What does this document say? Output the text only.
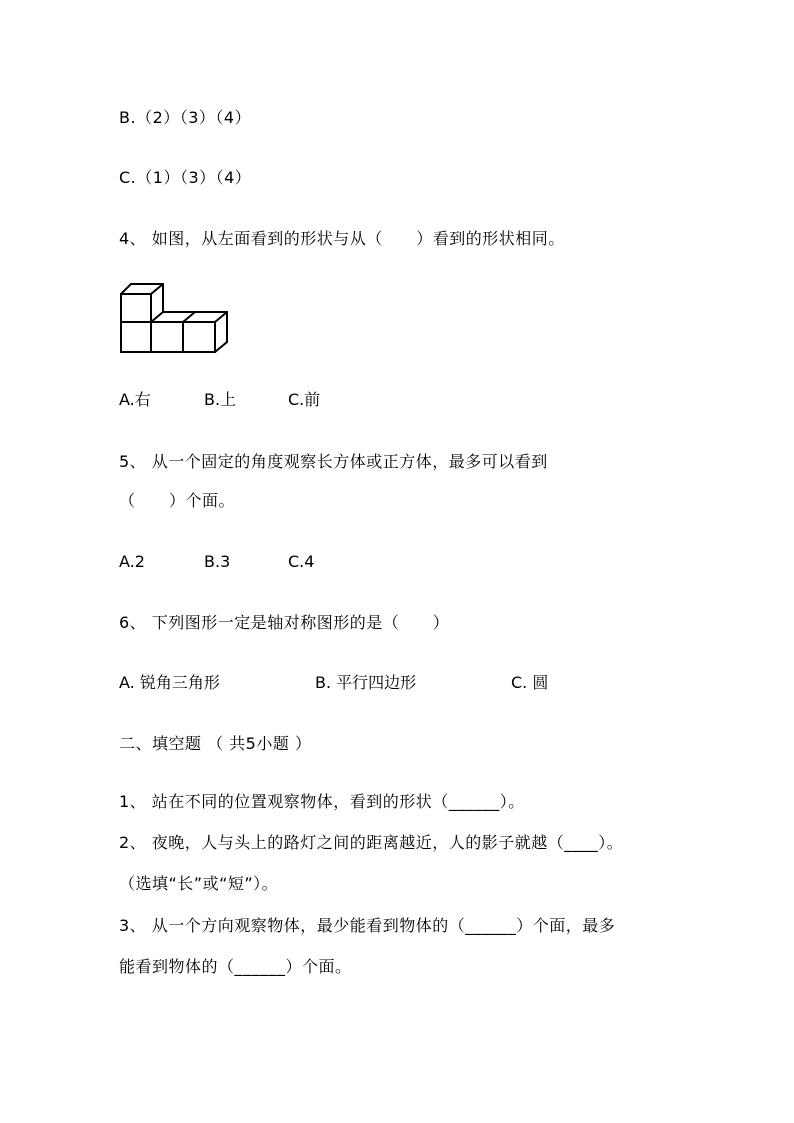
B.（2）（3）（4）
C.（1）（3）（4）
4、 如图，从左面看到的形状与从（      ）看到的形状相同。
A.右	B.上	C.前
5、 从一个固定的角度观察长方体或正方体，最多可以看到
（      ）个面。
A.2	B.3	C.4
6、 下列图形一定是轴对称图形的是（      ）
A. 锐角三角形	B. 平行四边形	C. 圆
二、填空题 （ 共5小题 ）
1、 站在不同的位置观察物体，看到的形状（______）。
2、 夜晚，人与头上的路灯之间的距离越近，人的影子就越（____）。
（选填“长”或“短”）。
3、 从一个方向观察物体，最少能看到物体的（______）个面，最多
能看到物体的（______）个面。
